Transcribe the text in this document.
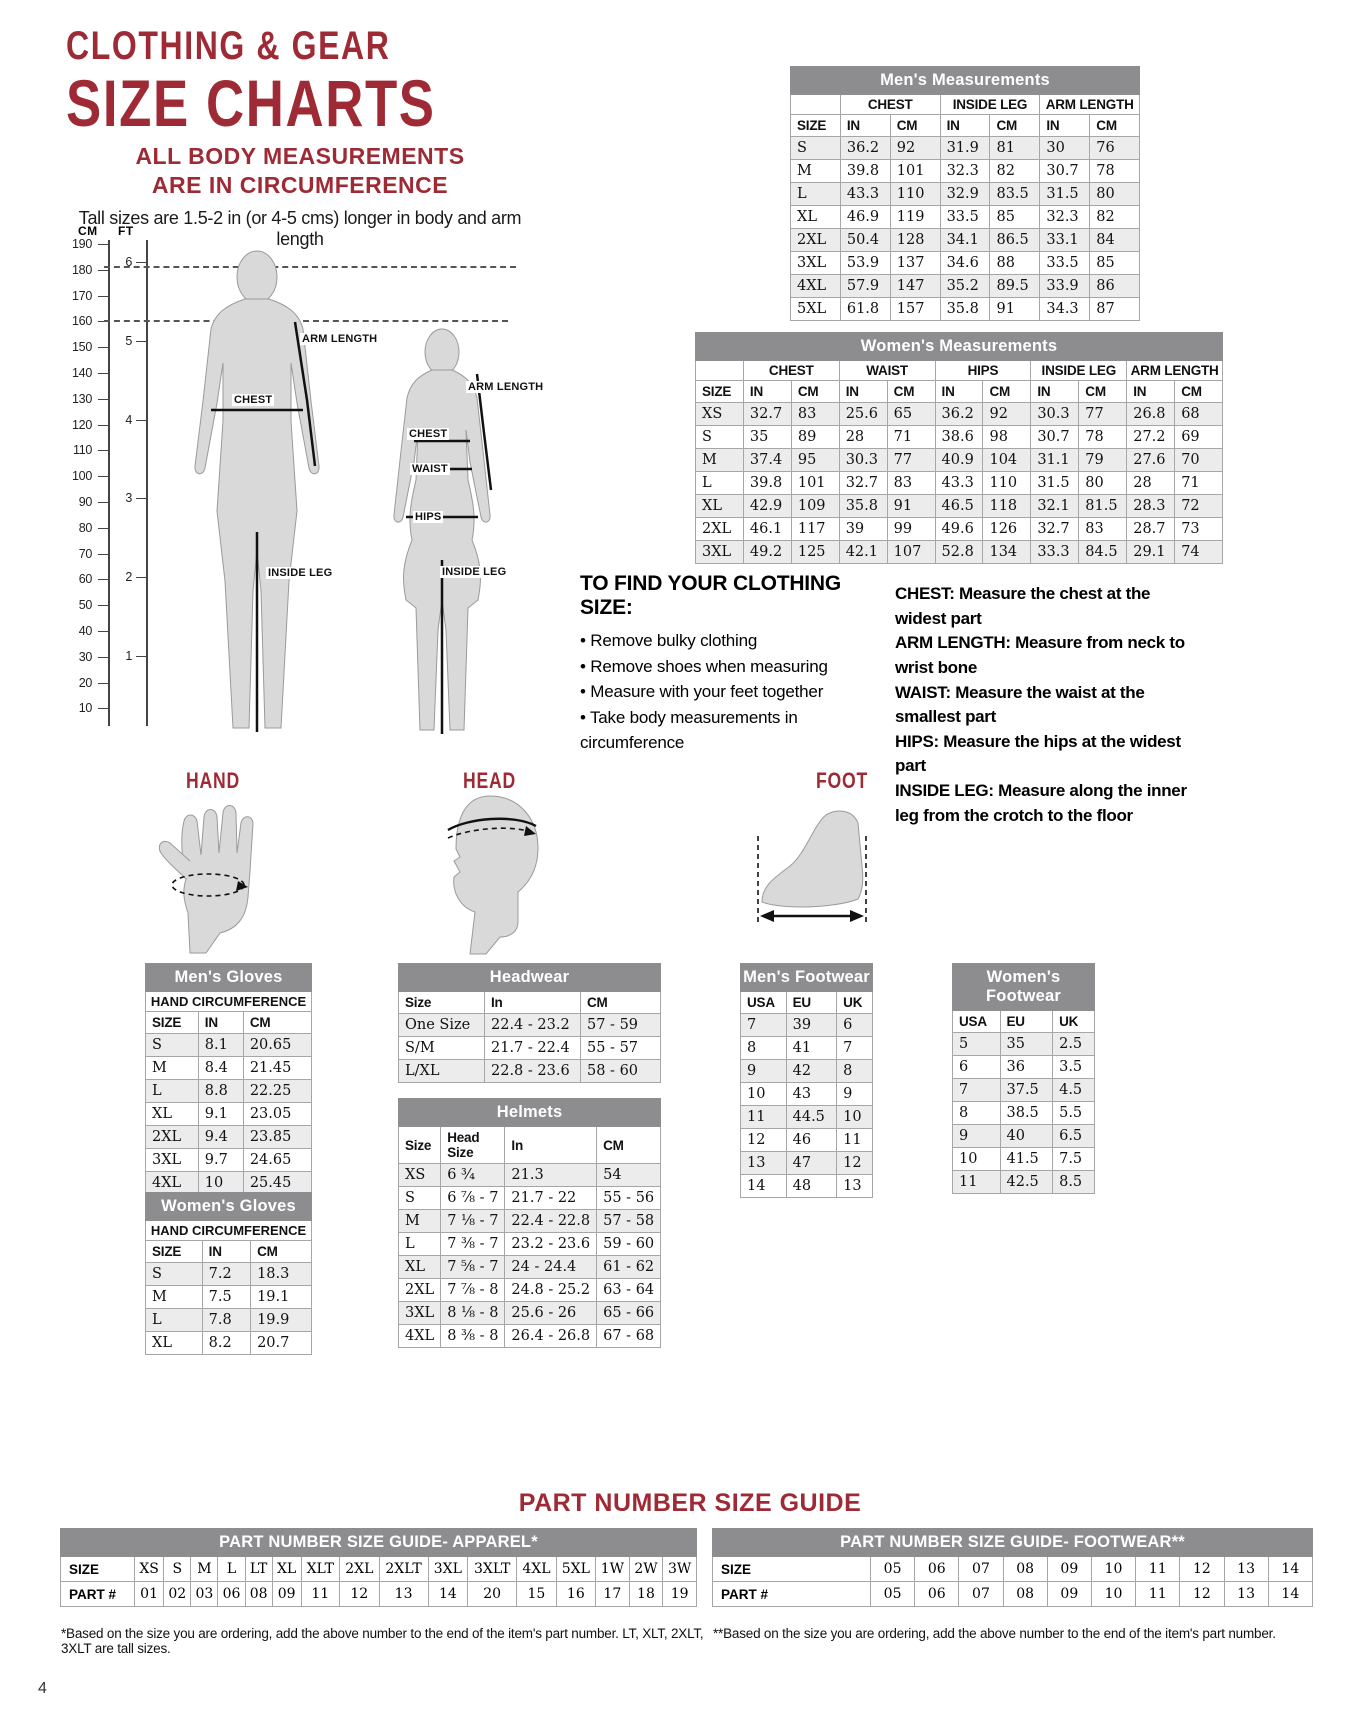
CLOTHING & GEAR
SIZE CHARTS
ALL BODY MEASUREMENTS
ARE IN CIRCUMFERENCE
Tall sizes are 1.5-2 in (or 4-5 cms) longer in body and arm length
CM FT
190
180
170
160
150
140
130
120
110
100
90
80
70
60
50
40
30
20
10
6
5
4
3
2
1
ARM LENGTH
CHEST
ARM LENGTH
CHEST
WAIST
HIPS
INSIDE LEG	INSIDE LEG
Men's Measurements						
	CHEST		INSIDE LEG		ARM LENGTH	
SIZE	IN	CM	IN	CM	IN	CM
S	36.2	92	31.9	81	30	76
M	39.8	101	32.3	82	30.7	78
L	43.3	110	32.9	83.5	31.5	80
XL	46.9	119	33.5	85	32.3	82
2XL	50.4	128	34.1	86.5	33.1	84
3XL	53.9	137	34.6	88	33.5	85
4XL	57.9	147	35.2	89.5	33.9	86
5XL	61.8	157	35.8	91	34.3	87
Women's Measurements										
	CHEST		WAIST		HIPS		INSIDE LEG		ARM LENGTH	
SIZE	IN	CM	IN	CM	IN	CM	IN	CM	IN	CM
XS	32.7	83	25.6	65	36.2	92	30.3	77	26.8	68
S	35	89	28	71	38.6	98	30.7	78	27.2	69
M	37.4	95	30.3	77	40.9	104	31.1	79	27.6	70
L	39.8	101	32.7	83	43.3	110	31.5	80	28	71
XL	42.9	109	35.8	91	46.5	118	32.1	81.5	28.3	72
2XL	46.1	117	39	99	49.6	126	32.7	83	28.7	73
3XL	49.2	125	42.1	107	52.8	134	33.3	84.5	29.1	74
TO FIND YOUR CLOTHING SIZE:
• Remove bulky clothing
• Remove shoes when measuring
• Measure with your feet together
• Take body measurements in circumference
CHEST: Measure the chest at the widest part
ARM LENGTH: Measure from neck to wrist bone
WAIST: Measure the waist at the smallest part
HIPS: Measure the hips at the widest part
INSIDE LEG: Measure along the inner leg from the crotch to the floor
HAND	HEAD	FOOT
Men's Gloves		
HAND CIRCUMFERENCE		
SIZE	IN	CM
S	8.1	20.65
M	8.4	21.45
L	8.8	22.25
XL	9.1	23.05
2XL	9.4	23.85
3XL	9.7	24.65
4XL	10	25.45
Women's Gloves		
HAND CIRCUMFERENCE		
SIZE	IN	CM
S	7.2	18.3
M	7.5	19.1
L	7.8	19.9
XL	8.2	20.7
Headwear		
Size	In	CM
One Size	22.4 - 23.2	57 - 59
S/M	21.7 - 22.4	55 - 57
L/XL	22.8 - 23.6	58 - 60
Helmets			
Size	Head Size	In	CM
XS	6 ¾	21.3	54
S	6 ⅞ - 7	21.7 - 22	55 - 56
M	7 ⅛ - 7	22.4 - 22.8	57 - 58
L	7 ⅜ - 7	23.2 - 23.6	59 - 60
XL	7 ⅝ - 7	24 - 24.4	61 - 62
2XL	7 ⅞ - 8	24.8 - 25.2	63 - 64
3XL	8 ⅛ - 8	25.6 - 26	65 - 66
4XL	8 ⅜ - 8	26.4 - 26.8	67 - 68
Men's Footwear		
USA	EU	UK
7	39	6
8	41	7
9	42	8
10	43	9
11	44.5	10
12	46	11
13	47	12
14	48	13
Women's Footwear		
USA	EU	UK
5	35	2.5
6	36	3.5
7	37.5	4.5
8	38.5	5.5
9	40	6.5
10	41.5	7.5
11	42.5	8.5
PART NUMBER SIZE GUIDE
PART NUMBER SIZE GUIDE- APPAREL*																
SIZE	XS	S	M	L	LT	XL	XLT	2XL	2XLT	3XL	3XLT	4XL	5XL	1W	2W	3W
PART #	01	02	03	06	08	09	11	12	13	14	20	15	16	17	18	19
*Based on the size you are ordering, add the above number to the end of the item's part number. LT, XLT, 2XLT, 3XLT are tall sizes.
PART NUMBER SIZE GUIDE- FOOTWEAR**										
SIZE	05	06	07	08	09	10	11	12	13	14
PART #	05	06	07	08	09	10	11	12	13	14
**Based on the size you are ordering, add the above number to the end of the item's part number.
4
